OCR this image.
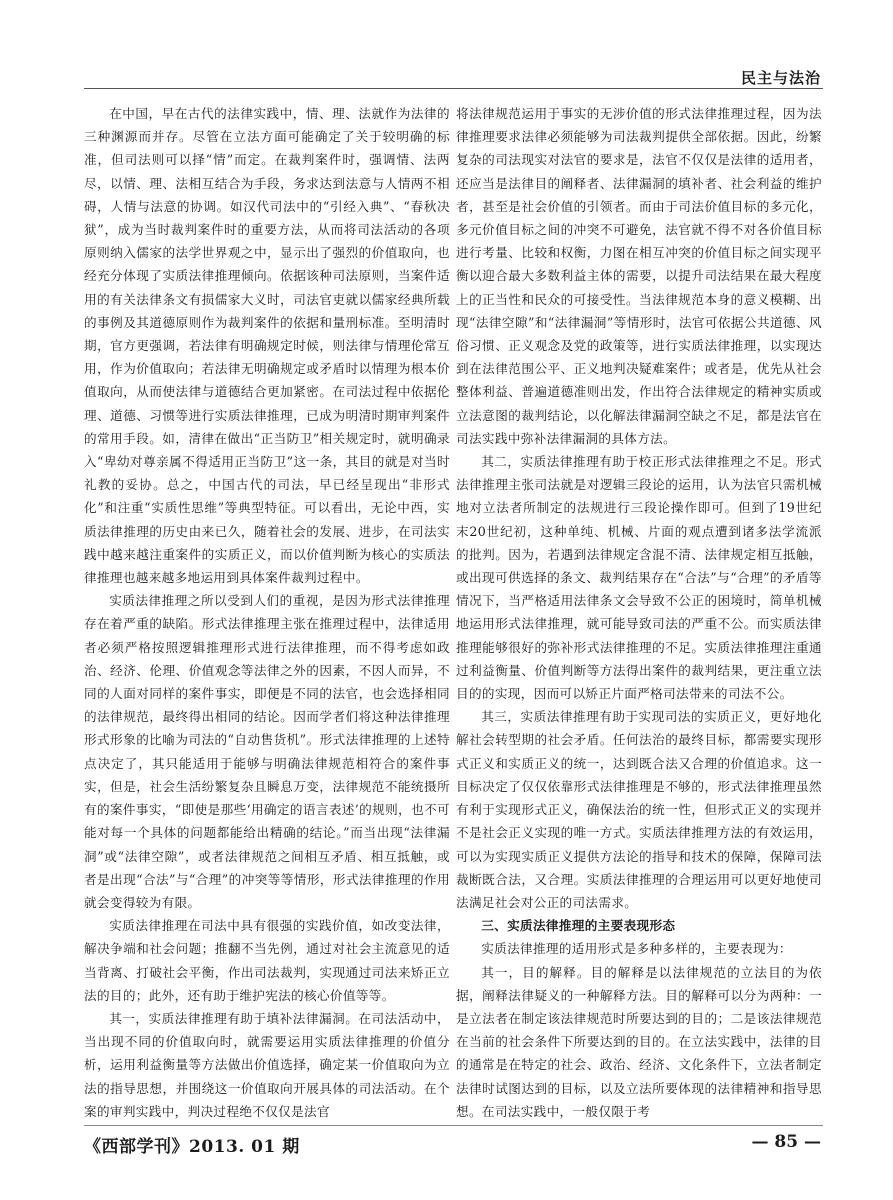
民主与法治

在中国，早在古代的法律实践中，情、理、法就作为法律的三种渊源而并存。尽管在立法方面可能确定了关于较明确的标准，但司法则可以择“情”而定。在裁判案件时，强调情、法两尽，以情、理、法相互结合为手段，务求达到法意与人情两不相碍，人情与法意的协调。如汉代司法中的“引经入典”、“春秋决狱”，成为当时裁判案件时的重要方法，从而将司法活动的各项原则纳入儒家的法学世界观之中，显示出了强烈的价值取向，也经充分体现了实质法律推理倾向。依据该种司法原则，当案件适用的有关法律条文有损儒家大义时，司法官吏就以儒家经典所载的事例及其道德原则作为裁判案件的依据和量刑标准。至明清时期，官方更强调，若法律有明确规定时候，则法律与情理伦常互用，作为价值取向；若法律无明确规定或矛盾时以情理为根本价值取向，从而使法律与道德结合更加紧密。在司法过程中依据伦理、道德、习惯等进行实质法律推理，已成为明清时期审判案件的常用手段。如，清律在做出“正当防卫”相关规定时，就明确录入“卑幼对尊亲属不得适用正当防卫”这一条，其目的就是对当时礼教的妥协。总之，中国古代的司法，早已经呈现出“非形式化”和注重“实质性思维”等典型特征。可以看出，无论中西，实质法律推理的历史由来已久，随着社会的发展、进步，在司法实践中越来越注重案件的实质正义，而以价值判断为核心的实质法律推理也越来越多地运用到具体案件裁判过程中。

实质法律推理之所以受到人们的重视，是因为形式法律推理存在着严重的缺陷。形式法律推理主张在推理过程中，法律适用者必须严格按照逻辑推理形式进行法律推理，而不得考虑如政治、经济、伦理、价值观念等法律之外的因素，不因人而异，不同的人面对同样的案件事实，即便是不同的法官，也会选择相同的法律规范，最终得出相同的结论。因而学者们将这种法律推理形式形象的比喻为司法的“自动售货机”。形式法律推理的上述特点决定了，其只能适用于能够与明确法律规范相符合的案件事实，但是，社会生活纷繁复杂且瞬息万变，法律规范不能统摄所有的案件事实，“即使是那些‘用确定的语言表述’的规则，也不可能对每一个具体的问题都能给出精确的结论。”而当出现“法律漏洞”或“法律空隙”，或者法律规范之间相互矛盾、相互抵触，或者是出现“合法”与“合理”的冲突等等情形，形式法律推理的作用就会变得较为有限。

实质法律推理在司法中具有很强的实践价值，如改变法律，解决争端和社会问题；推翻不当先例，通过对社会主流意见的适当背离、打破社会平衡，作出司法裁判，实现通过司法来矫正立法的目的；此外，还有助于维护宪法的核心价值等等。

其一，实质法律推理有助于填补法律漏洞。在司法活动中，当出现不同的价值取向时，就需要运用实质法律推理的价值分析，运用利益衡量等方法做出价值选择，确定某一价值取向为立法的指导思想，并围绕这一价值取向开展具体的司法活动。在个案的审判实践中，判决过程绝不仅仅是法官

将法律规范运用于事实的无涉价值的形式法律推理过程，因为法律推理要求法律必须能够为司法裁判提供全部依据。因此，纷繁复杂的司法现实对法官的要求是，法官不仅仅是法律的适用者，还应当是法律目的阐释者、法律漏洞的填补者、社会利益的维护者，甚至是社会价值的引领者。而由于司法价值目标的多元化，多元价值目标之间的冲突不可避免，法官就不得不对各价值目标进行考量、比较和权衡，力图在相互冲突的价值目标之间实现平衡以迎合最大多数利益主体的需要，以提升司法结果在最大程度上的正当性和民众的可接受性。当法律规范本身的意义模糊、出现“法律空隙”和“法律漏洞”等情形时，法官可依据公共道德、风俗习惯、正义观念及党的政策等，进行实质法律推理，以实现达到在法律范围公平、正义地判决疑难案件；或者是，优先从社会整体利益、普遍道德准则出发，作出符合法律规定的精神实质或立法意图的裁判结论，以化解法律漏洞空缺之不足，都是法官在司法实践中弥补法律漏洞的具体方法。

其二，实质法律推理有助于校正形式法律推理之不足。形式法律推理主张司法就是对逻辑三段论的运用，认为法官只需机械地对立法者所制定的法规进行三段论操作即可。但到了19世纪末20世纪初，这种单纯、机械、片面的观点遭到诸多法学流派的批判。因为，若遇到法律规定含混不清、法律规定相互抵触，或出现可供选择的条文、裁判结果存在“合法”与“合理”的矛盾等情况下，当严格适用法律条文会导致不公正的困境时，简单机械地运用形式法律推理，就可能导致司法的严重不公。而实质法律推理能够很好的弥补形式法律推理的不足。实质法律推理注重通过利益衡量、价值判断等方法得出案件的裁判结果，更注重立法目的的实现，因而可以矫正片面严格司法带来的司法不公。

其三，实质法律推理有助于实现司法的实质正义，更好地化解社会转型期的社会矛盾。任何法治的最终目标，都需要实现形式正义和实质正义的统一，达到既合法又合理的价值追求。这一目标决定了仅仅依靠形式法律推理是不够的，形式法律推理虽然有利于实现形式正义，确保法治的统一性，但形式正义的实现并不是社会正义实现的唯一方式。实质法律推理方法的有效运用，可以为实现实质正义提供方法论的指导和技术的保障，保障司法裁断既合法，又合理。实质法律推理的合理运用可以更好地使司法满足社会对公正的司法需求。

三、实质法律推理的主要表现形态

实质法律推理的适用形式是多种多样的，主要表现为：

其一，目的解释。目的解释是以法律规范的立法目的为依据，阐释法律疑义的一种解释方法。目的解释可以分为两种：一是立法者在制定该法律规范时所要达到的目的；二是该法律规范在当前的社会条件下所要达到的目的。在立法实践中，法律的目的通常是在特定的社会、政治、经济、文化条件下，立法者制定法律时试图达到的目标，以及立法所要体现的法律精神和指导思想。在司法实践中，一般仅限于考

《西部学刊》2013. 01 期	— 85 —
